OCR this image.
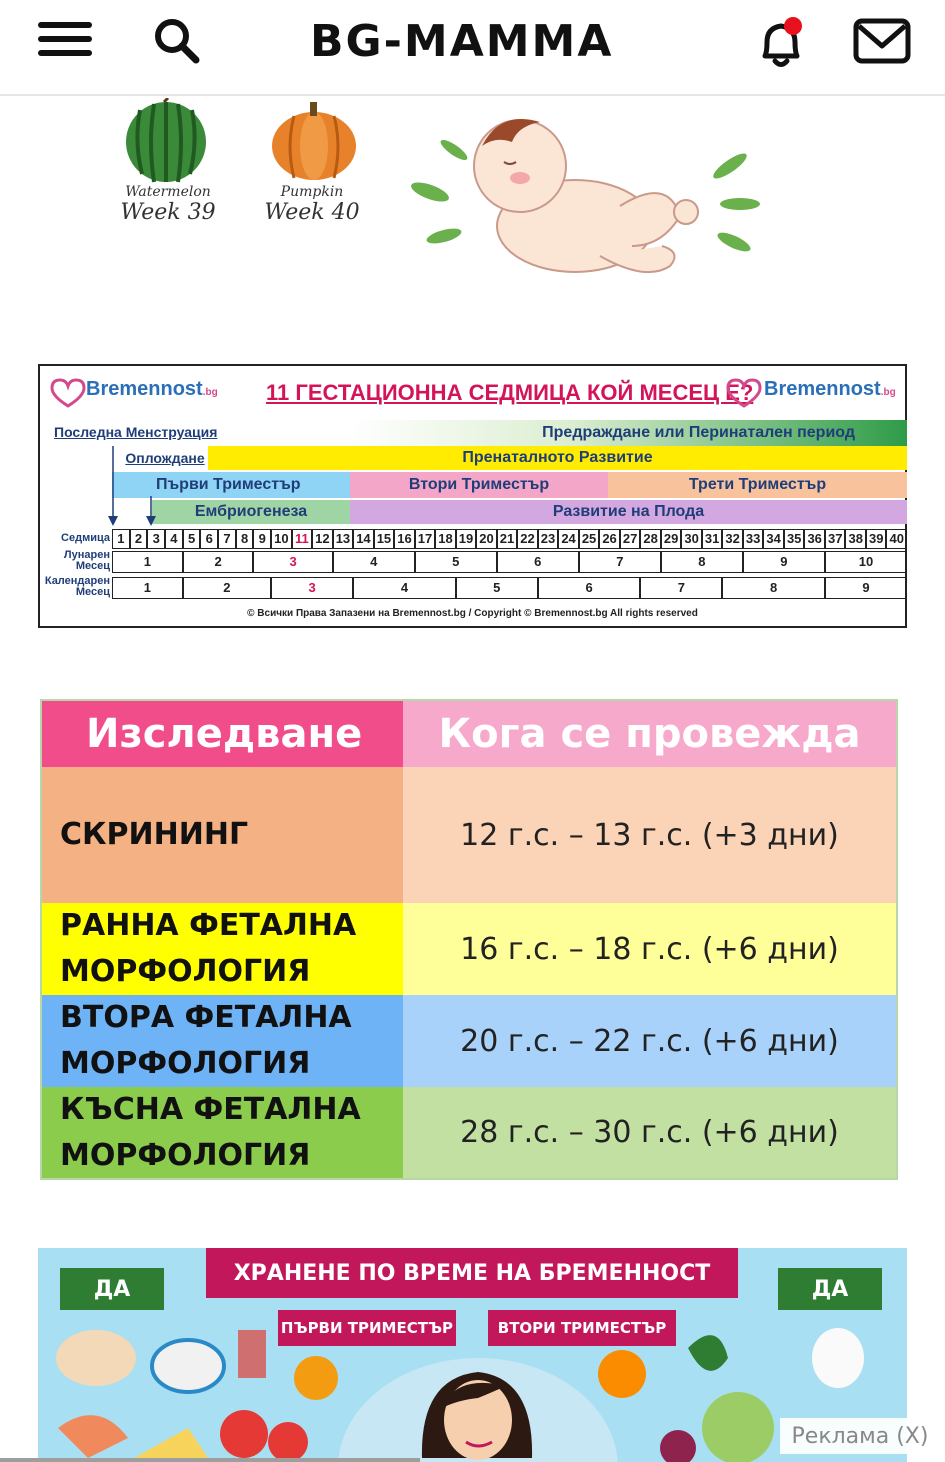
BG-MAMMA
Watermelon
Week 39
Pumpkin
Week 40
Bremennost.bg 11 ГЕСТАЦИОННА СЕДМИЦА КОЙ МЕСЕЦ Е? Bremennost.bg
Последна Менструация	Предраждане или Перинатален период
Оплождане	Пренаталното Развитие
Първи Триместър	Втори Триместър	Трети Триместър
Ембриогенеза	Развитие на Плода
Седмица 1 2 3 4 5 6 7 8 9 10 11 12 13 14 15 16 17 18 19 20 21 22 23 24 25 26 27 28 29 30 31 32 33 34 35 36 37 38 39 40
Лунарен
Месец	1	2	3	4	5	6	7	8	9	10
Календарен
Месец	1	2	3	4	5	6	7	8	9
© Всички Права Запазени на Bremennost.bg / Copyright © Bremennost.bg All rights reserved
Изследване	Кога се провежда
СКРИНИНГ	12 г.с. – 13 г.с. (+3 дни)
РАННА ФЕТАЛНА
МОРФОЛОГИЯ
16 г.с. – 18 г.с. (+6 дни)
ВТОРА ФЕТАЛНА
МОРФОЛОГИЯ
20 г.с. – 22 г.с. (+6 дни)
КЪСНА ФЕТАЛНА
МОРФОЛОГИЯ
28 г.с. – 30 г.с. (+6 дни)
ХРАНЕНЕ ПО ВРЕМЕ НА БРЕМЕННОСТ
ДА	ДА
ПЪРВИ ТРИМЕСТЪР	ВТОРИ ТРИМЕСТЪР
Реклама (X)
